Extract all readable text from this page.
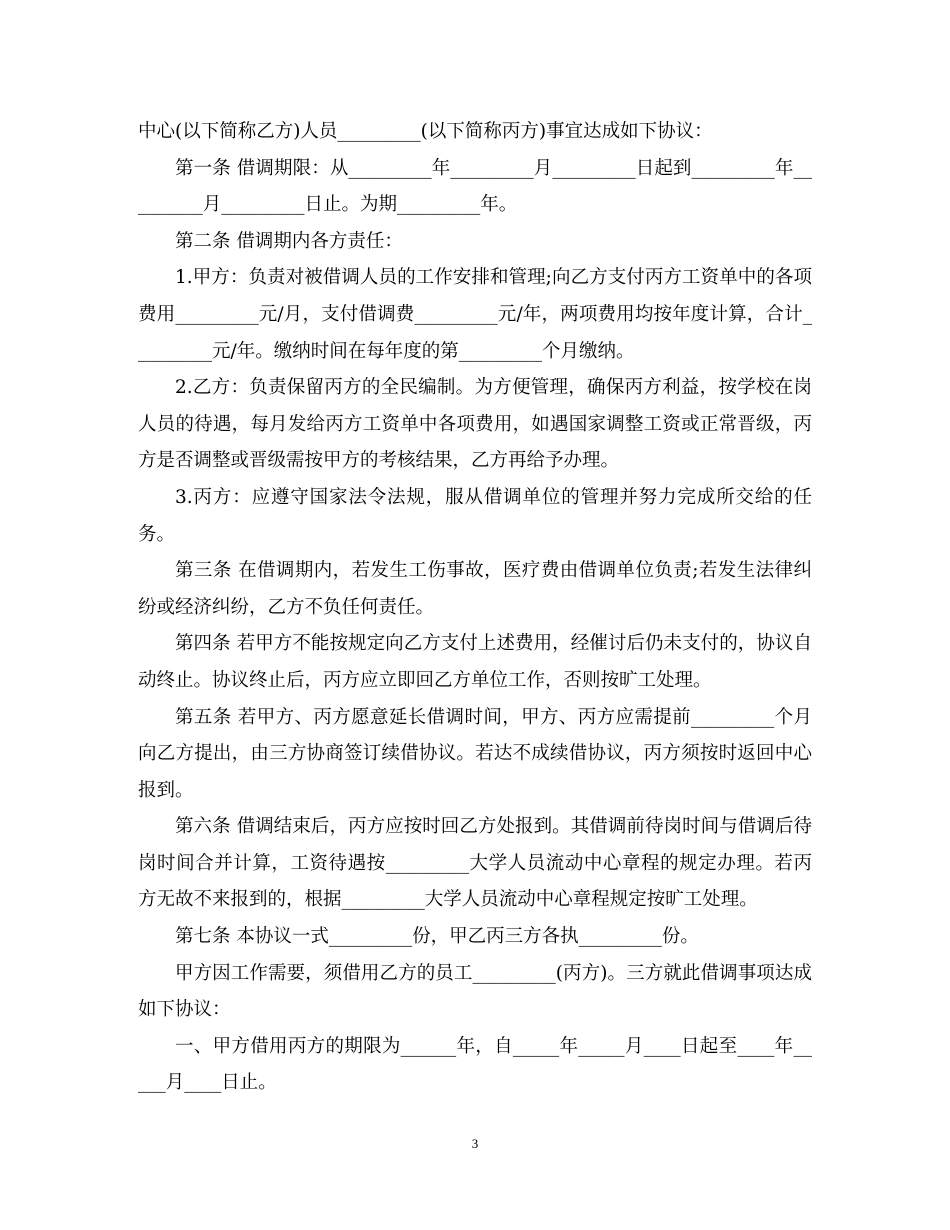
中心(以下简称乙方)人员_________(以下简称丙方)事宜达成如下协议：

第一条 借调期限：从_________年_________月_________日起到_________年_________月_________日止。为期_________年。

第二条 借调期内各方责任：

1.甲方：负责对被借调人员的工作安排和管理;向乙方支付丙方工资单中的各项费用_________元/月，支付借调费_________元/年，两项费用均按年度计算，合计_________元/年。缴纳时间在每年度的第_________个月缴纳。

2.乙方：负责保留丙方的全民编制。为方便管理，确保丙方利益，按学校在岗人员的待遇，每月发给丙方工资单中各项费用，如遇国家调整工资或正常晋级，丙方是否调整或晋级需按甲方的考核结果，乙方再给予办理。

3.丙方：应遵守国家法令法规，服从借调单位的管理并努力完成所交给的任务。

第三条 在借调期内，若发生工伤事故，医疗费由借调单位负责;若发生法律纠纷或经济纠纷，乙方不负任何责任。

第四条 若甲方不能按规定向乙方支付上述费用，经催讨后仍未支付的，协议自动终止。协议终止后，丙方应立即回乙方单位工作，否则按旷工处理。

第五条 若甲方、丙方愿意延长借调时间，甲方、丙方应需提前_________个月向乙方提出，由三方协商签订续借协议。若达不成续借协议，丙方须按时返回中心报到。

第六条 借调结束后，丙方应按时回乙方处报到。其借调前待岗时间与借调后待岗时间合并计算，工资待遇按_________大学人员流动中心章程的规定办理。若丙方无故不来报到的，根据_________大学人员流动中心章程规定按旷工处理。

第七条 本协议一式_________份，甲乙丙三方各执_________份。

甲方因工作需要，须借用乙方的员工_________(丙方)。三方就此借调事项达成如下协议：

一、甲方借用丙方的期限为______年，自_____年_____月____日起至____年_____月____日止。

3
